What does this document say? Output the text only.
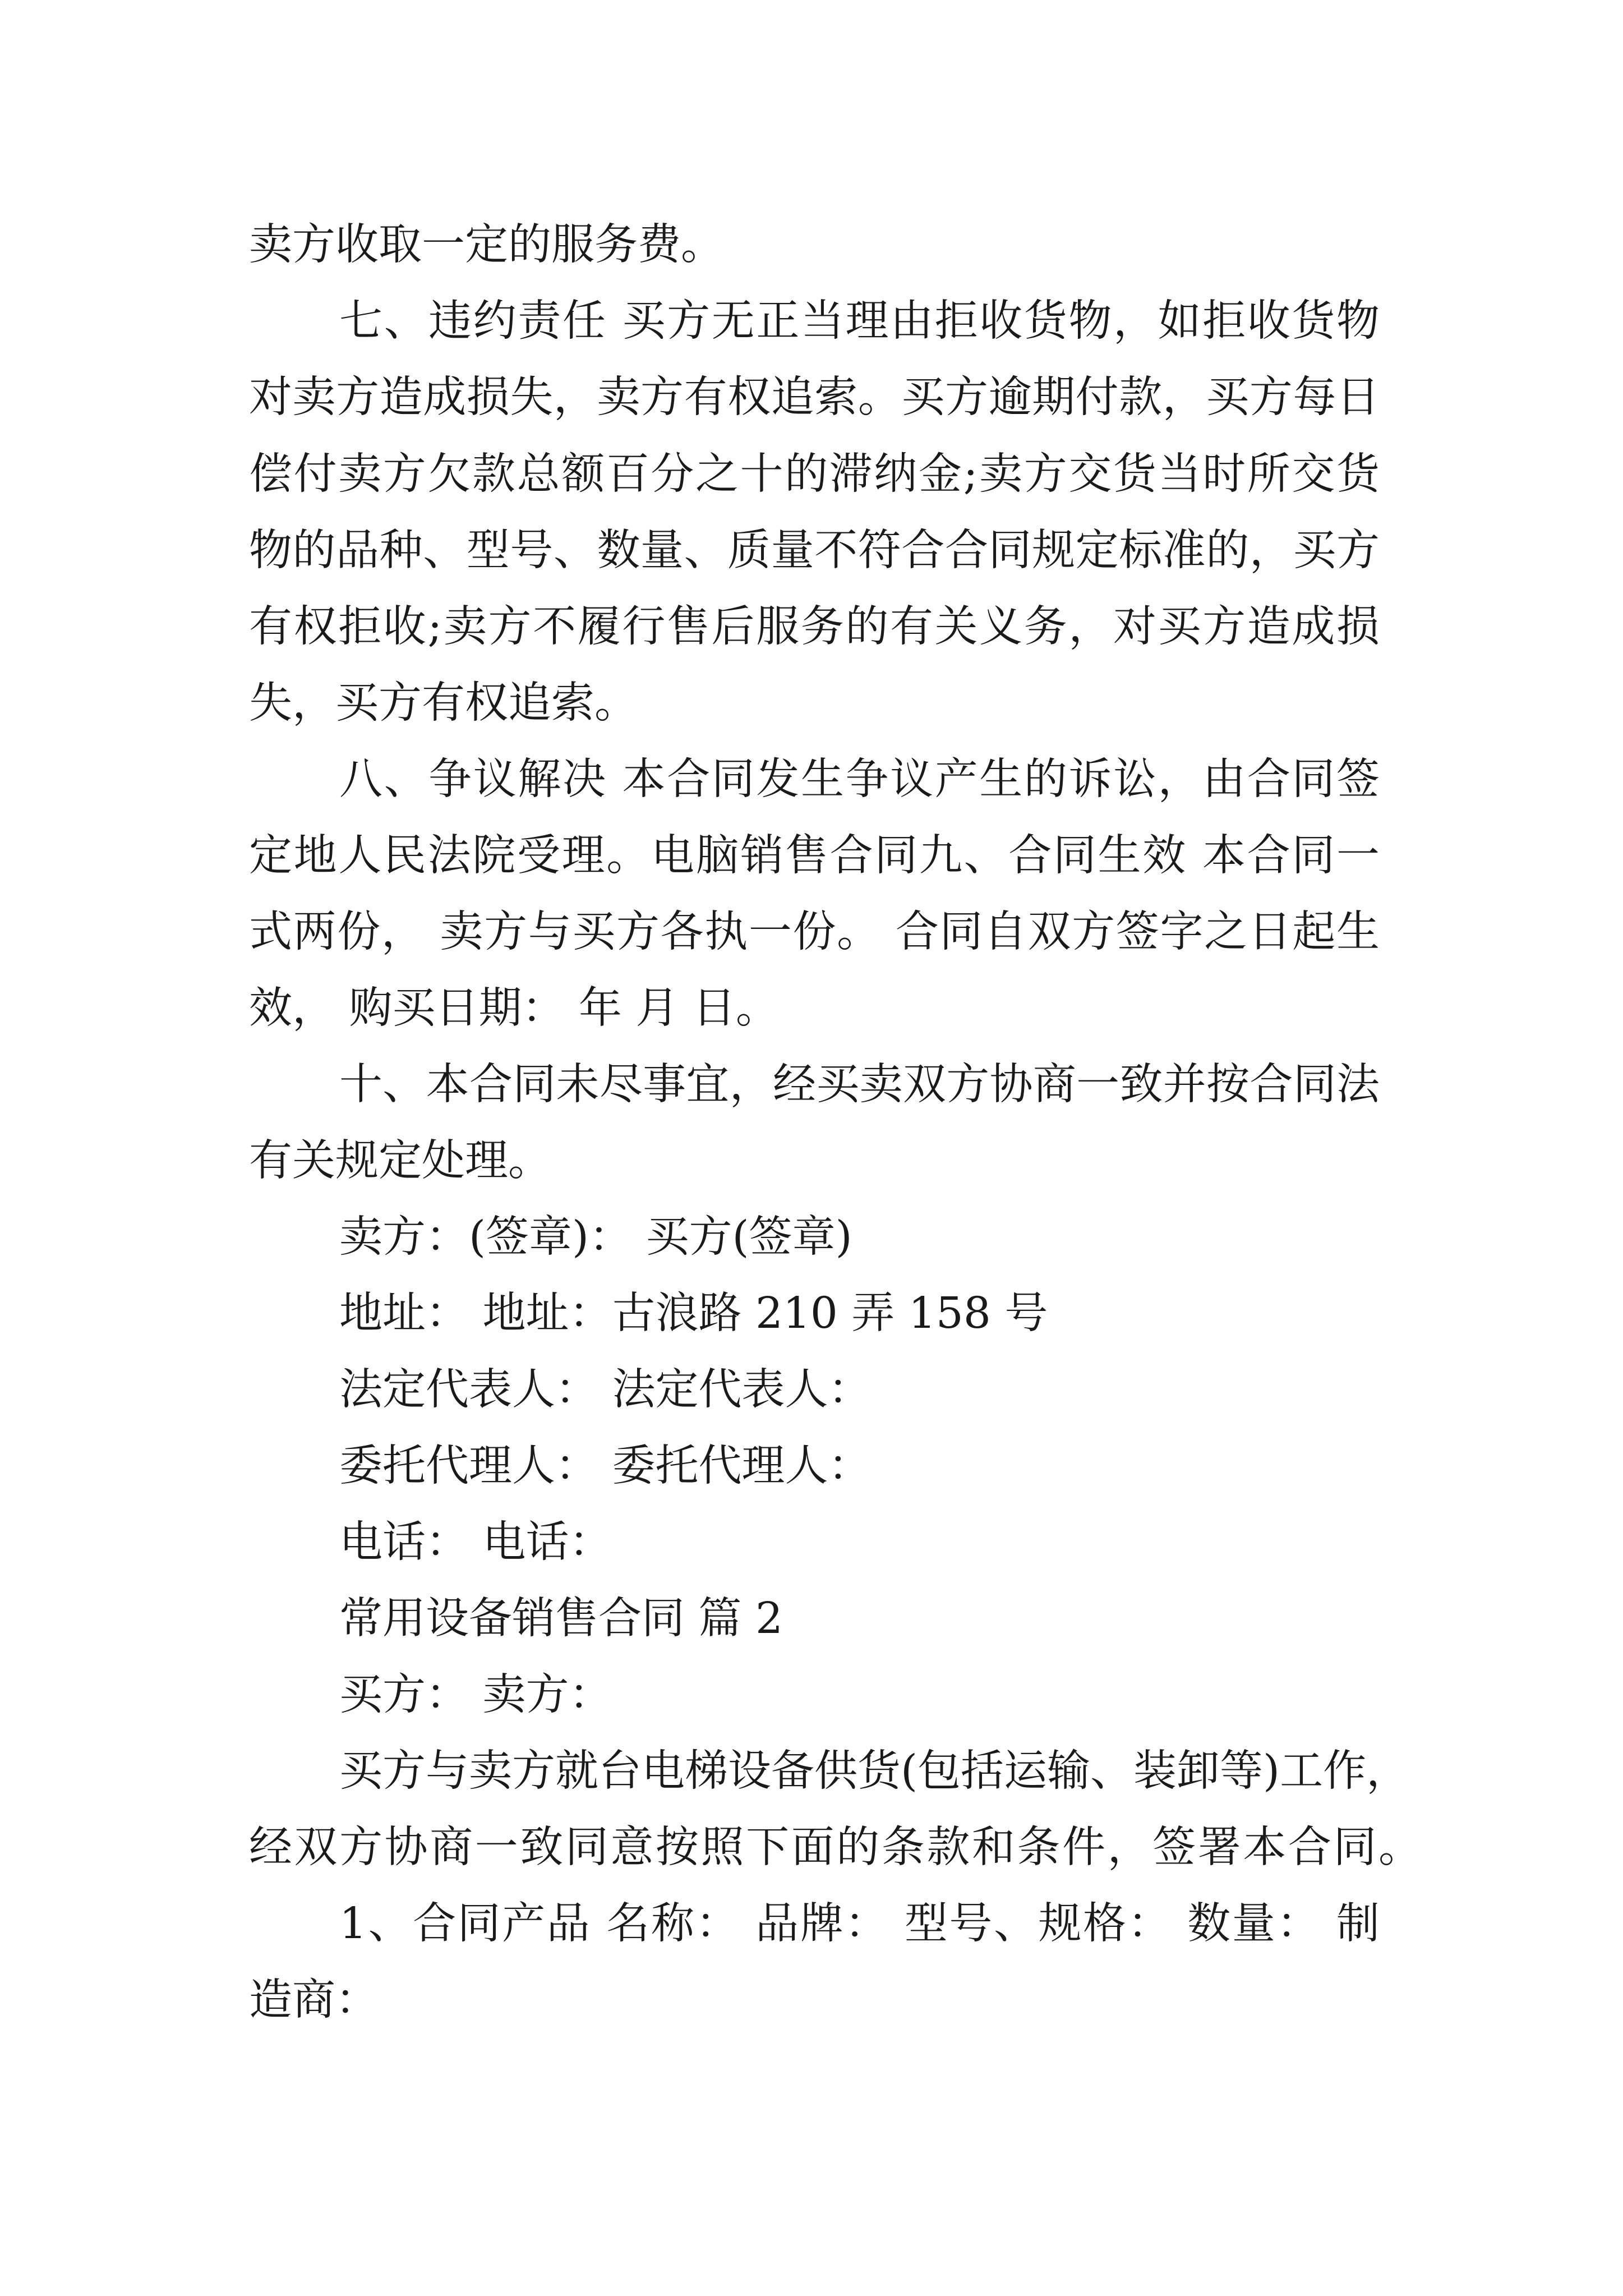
卖方收取一定的服务费。
七、违约责任 买方无正当理由拒收货物，如拒收货物
对卖方造成损失，卖方有权追索。买方逾期付款，买方每日
偿付卖方欠款总额百分之十的滞纳金;卖方交货当时所交货
物的品种、型号、数量、质量不符合合同规定标准的，买方
有权拒收;卖方不履行售后服务的有关义务，对买方造成损
失，买方有权追索。
八、争议解决 本合同发生争议产生的诉讼，由合同签
定地人民法院受理。电脑销售合同九、合同生效 本合同一
式两份， 卖方与买方各执一份。 合同自双方签字之日起生
效， 购买日期： 年 月 日。
十、本合同未尽事宜，经买卖双方协商一致并按合同法
有关规定处理。
卖方：(签章)： 买方(签章)
地址： 地址：古浪路 210 弄 158 号
法定代表人： 法定代表人：
委托代理人： 委托代理人：
电话： 电话：
常用设备销售合同 篇 2
买方： 卖方：
买方与卖方就台电梯设备供货(包括运输、装卸等)工作，
经双方协商一致同意按照下面的条款和条件，签署本合同。
1、合同产品 名称： 品牌： 型号、规格： 数量： 制
造商：
